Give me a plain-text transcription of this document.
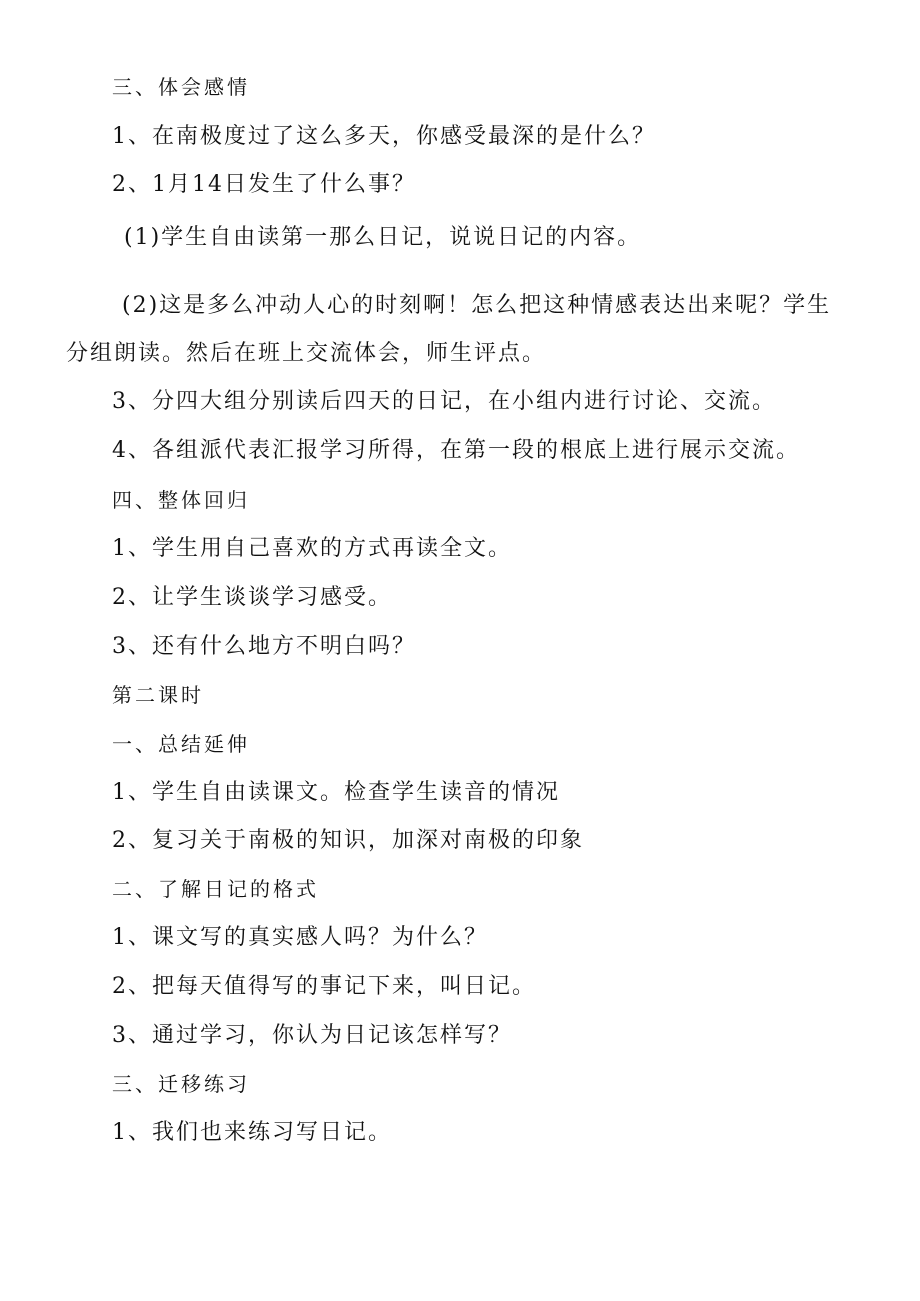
三、体会感情
1、在南极度过了这么多天，你感受最深的是什么？
2、1月14日发生了什么事？
(1)学生自由读第一那么日记，说说日记的内容。
(2)这是多么冲动人心的时刻啊！怎么把这种情感表达出来呢？学生分组朗读。然后在班上交流体会，师生评点。
3、分四大组分别读后四天的日记，在小组内进行讨论、交流。
4、各组派代表汇报学习所得，在第一段的根底上进行展示交流。
四、整体回归
1、学生用自己喜欢的方式再读全文。
2、让学生谈谈学习感受。
3、还有什么地方不明白吗？
第二课时
一、总结延伸
1、学生自由读课文。检查学生读音的情况
2、复习关于南极的知识，加深对南极的印象
二、了解日记的格式
1、课文写的真实感人吗？为什么？
2、把每天值得写的事记下来，叫日记。
3、通过学习，你认为日记该怎样写？
三、迁移练习
1、我们也来练习写日记。
